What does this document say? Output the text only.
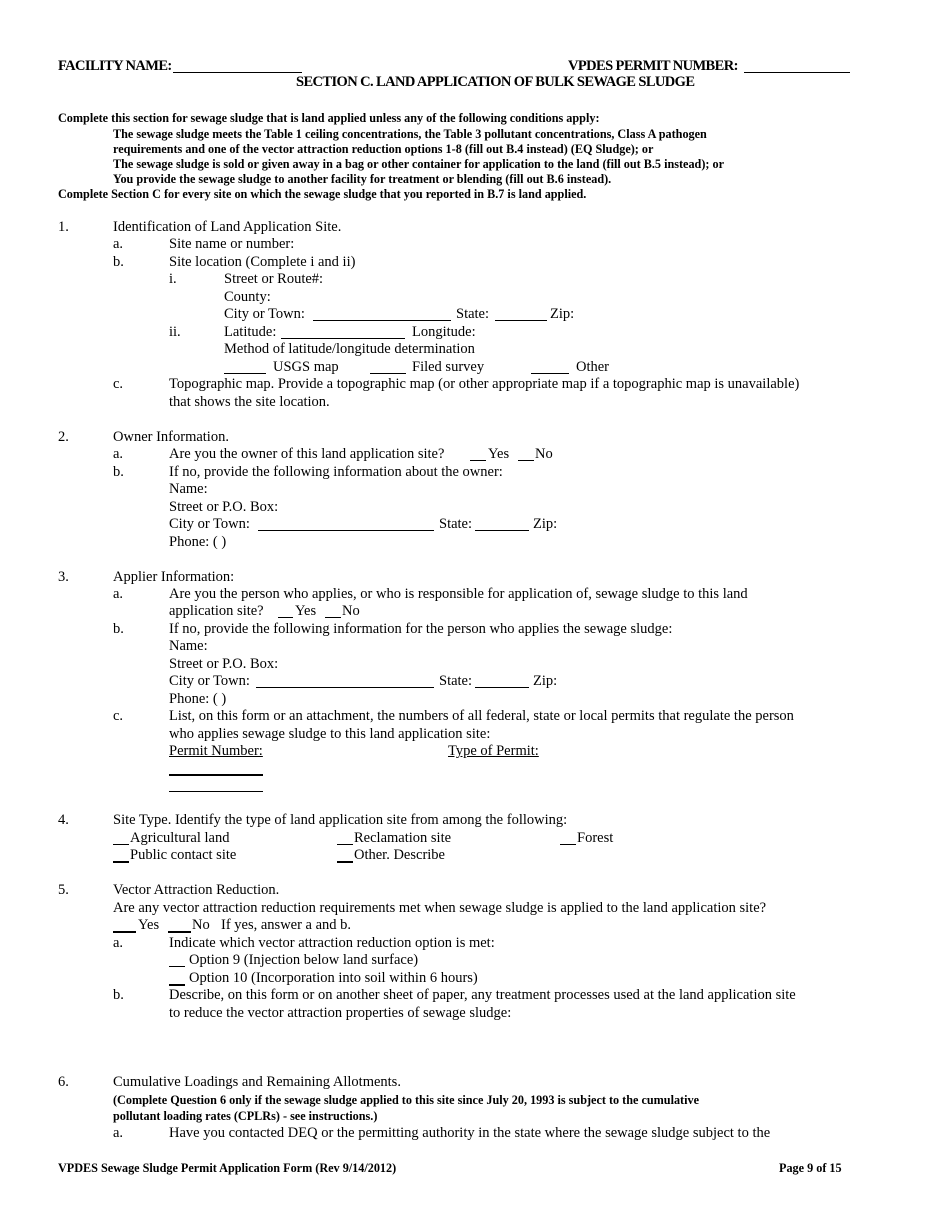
FACILITY NAME:	VPDES PERMIT NUMBER:
SECTION C. LAND APPLICATION OF BULK SEWAGE SLUDGE
Complete this section for sewage sludge that is land applied unless any of the following conditions apply:
The sewage sludge meets the Table 1 ceiling concentrations, the Table 3 pollutant concentrations, Class A pathogen
requirements and one of the vector attraction reduction options 1-8 (fill out B.4 instead) (EQ Sludge); or
The sewage sludge is sold or given away in a bag or other container for application to the land (fill out B.5 instead); or
You provide the sewage sludge to another facility for treatment or blending (fill out B.6 instead).
Complete Section C for every site on which the sewage sludge that you reported in B.7 is land applied.
1.	Identification of Land Application Site.
a.	Site name or number:
b.	Site location (Complete i and ii)
i.	Street or Route#:
County:
City or Town:	State:	Zip:
ii.	Latitude:	Longitude:
Method of latitude/longitude determination
USGS map	Filed survey	Other
c.	Topographic map. Provide a topographic map (or other appropriate map if a topographic map is unavailable)
that shows the site location.
2.	Owner Information.
a.	Are you the owner of this land application site?	Yes No
b.	If no, provide the following information about the owner:
Name:
Street or P.O. Box:
City or Town:	State:	Zip:
Phone: ( )
3.	Applier Information:
a.	Are you the person who applies, or who is responsible for application of, sewage sludge to this land
application site? Yes No
b.	If no, provide the following information for the person who applies the sewage sludge:
Name:
Street or P.O. Box:
City or Town:	State:	Zip:
Phone: ( )
c.	List, on this form or an attachment, the numbers of all federal, state or local permits that regulate the person
who applies sewage sludge to this land application site:
Permit Number:	Type of Permit:
4.	Site Type. Identify the type of land application site from among the following:
Agricultural land	Reclamation site	Forest
Public contact site	Other. Describe
5.	Vector Attraction Reduction.
Are any vector attraction reduction requirements met when sewage sludge is applied to the land application site?
Yes No If yes, answer a and b.
a.	Indicate which vector attraction reduction option is met:
Option 9 (Injection below land surface)
Option 10 (Incorporation into soil within 6 hours)
b.	Describe, on this form or on another sheet of paper, any treatment processes used at the land application site
to reduce the vector attraction properties of sewage sludge:
6.	Cumulative Loadings and Remaining Allotments.
(Complete Question 6 only if the sewage sludge applied to this site since July 20, 1993 is subject to the cumulative
pollutant loading rates (CPLRs) - see instructions.)
a.	Have you contacted DEQ or the permitting authority in the state where the sewage sludge subject to the
VPDES Sewage Sludge Permit Application Form (Rev 9/14/2012)	Page 9 of 15
